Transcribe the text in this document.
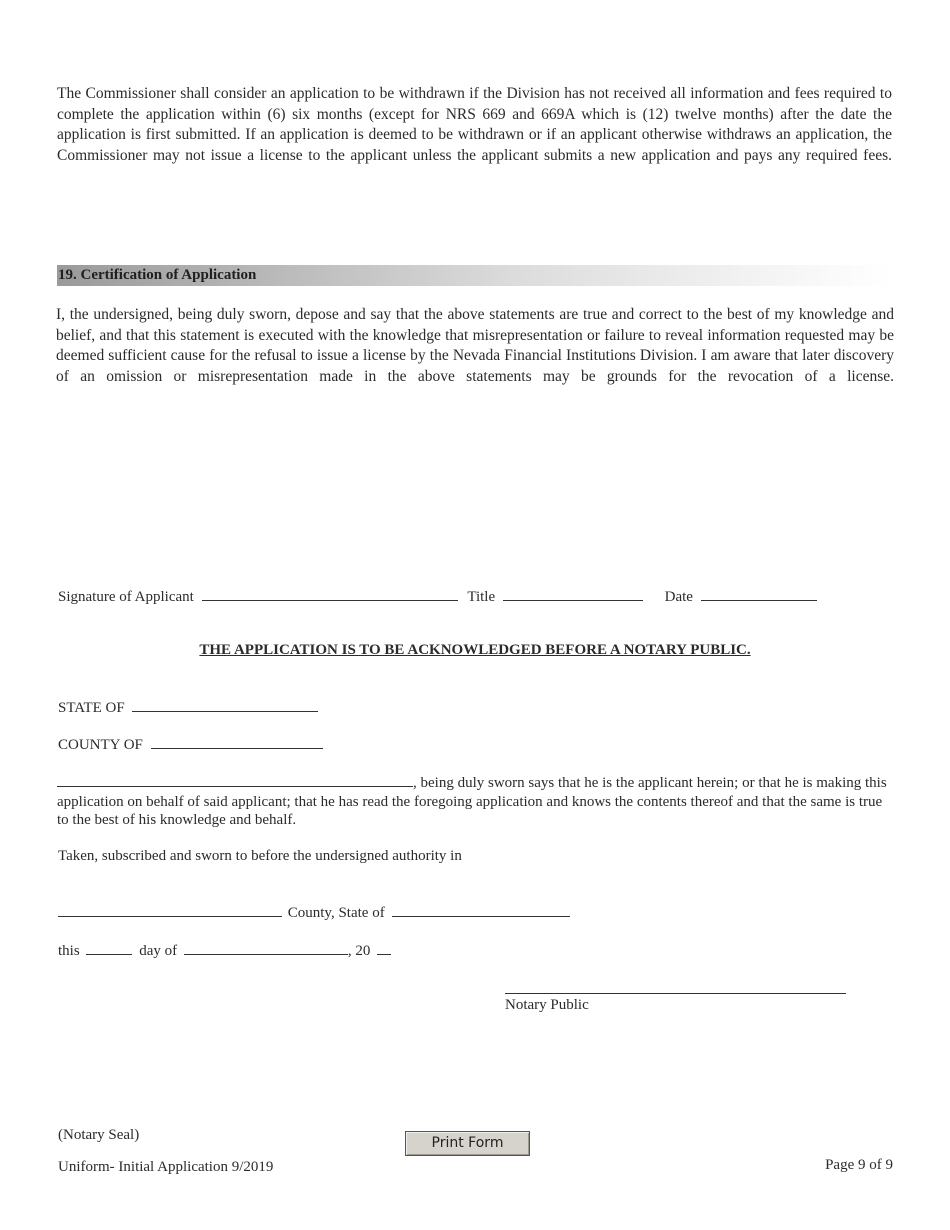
The Commissioner shall consider an application to be withdrawn if the Division has not received all information and fees required to complete the application within (6) six months (except for NRS 669 and 669A which is (12) twelve months) after the date the application is first submitted. If an application is deemed to be withdrawn or if an applicant otherwise withdraws an application, the Commissioner may not issue a license to the applicant unless the applicant submits a new application and pays any required fees.

19. Certification of Application

I, the undersigned, being duly sworn, depose and say that the above statements are true and correct to the best of my knowledge and belief, and that this statement is executed with the knowledge that misrepresentation or failure to reveal information requested may be deemed sufficient cause for the refusal to issue a license by the Nevada Financial Institutions Division. I am aware that later discovery of an omission or misrepresentation made in the above statements may be grounds for the revocation of a license.

Signature of Applicant	Title	Date
THE APPLICATION IS TO BE ACKNOWLEDGED BEFORE A NOTARY PUBLIC.
STATE OF
COUNTY OF
, being duly sworn says that he is the applicant herein; or that he is making this application on behalf of said applicant; that he has read the foregoing application and knows the contents thereof and that the same is true to the best of his knowledge and behalf.
Taken, subscribed and sworn to before the undersigned authority in
County, State of
this	day of	, 20
Notary Public
(Notary Seal)	Print Form
Uniform- Initial Application 9/2019	Page 9 of 9
